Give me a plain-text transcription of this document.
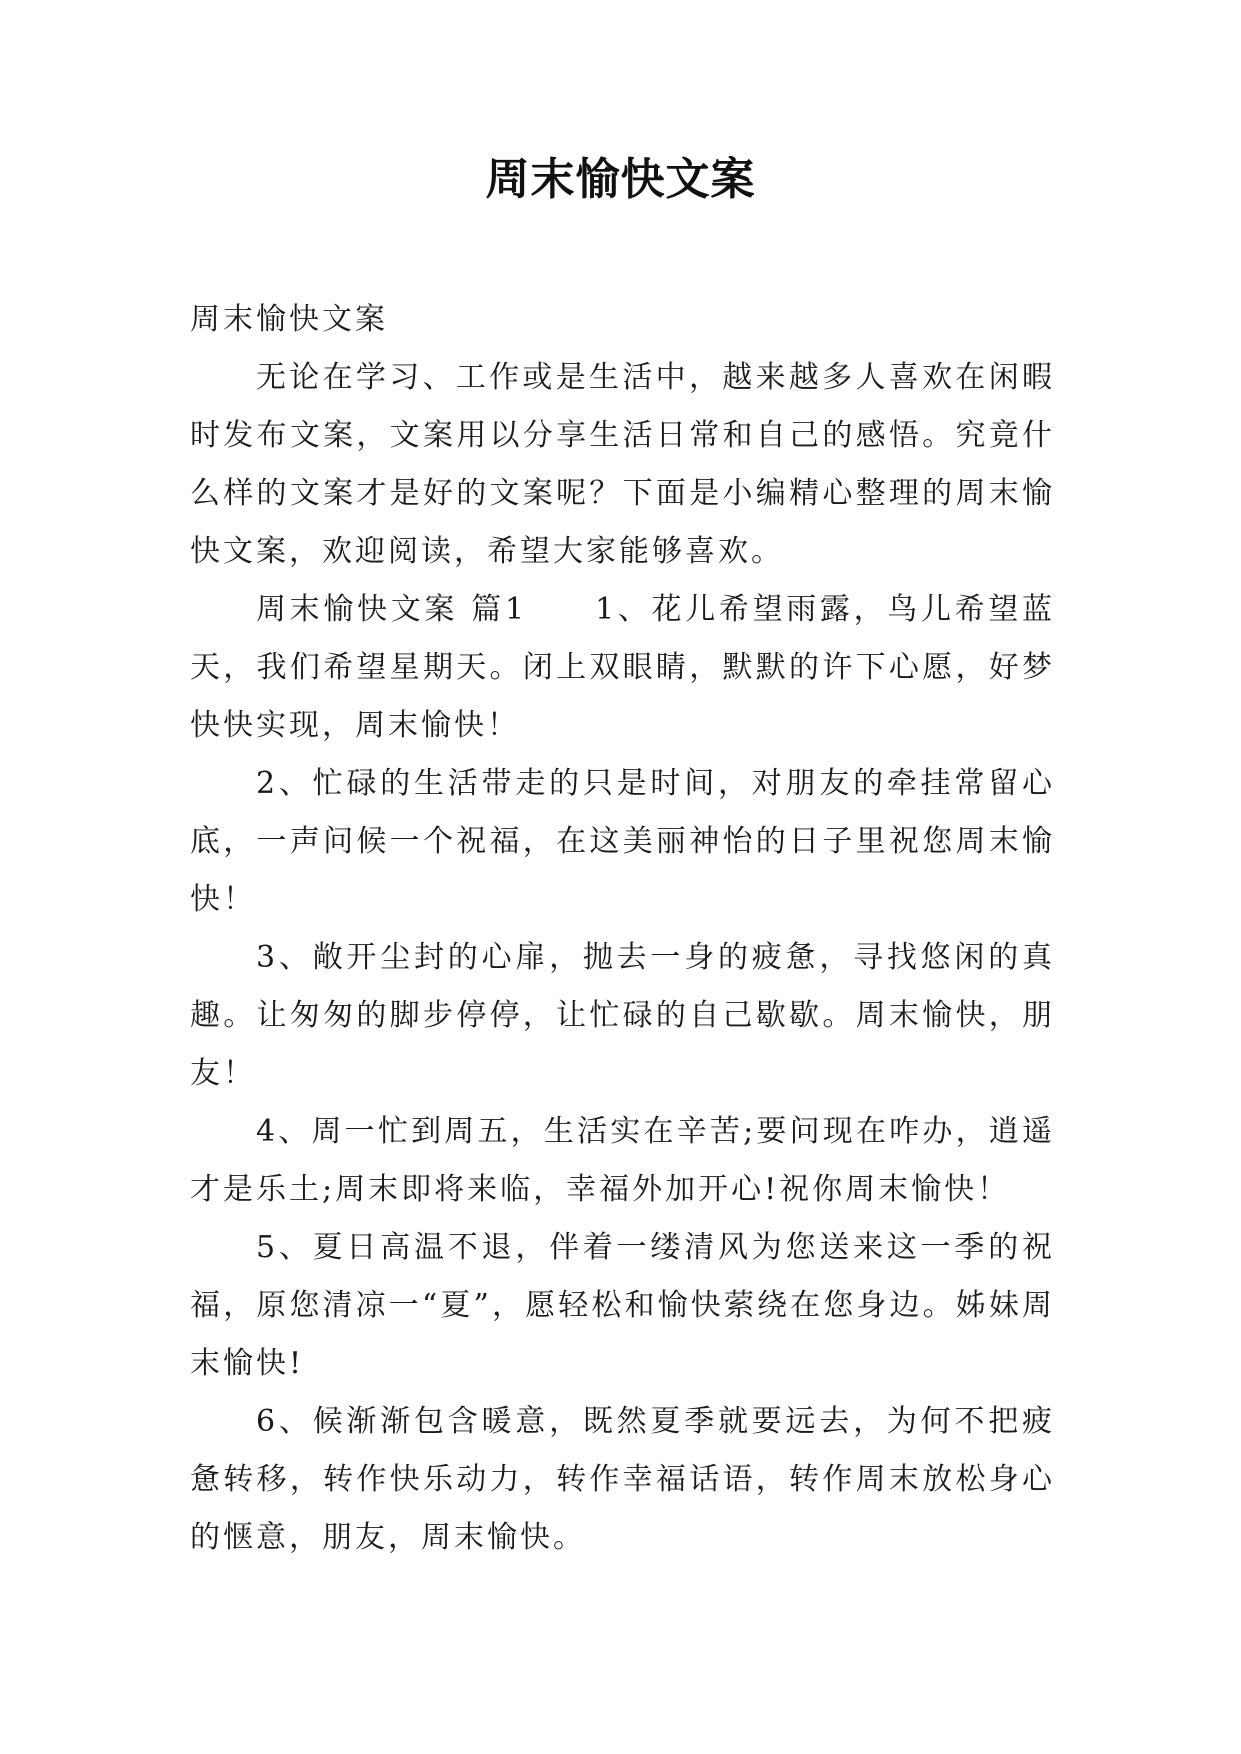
周末愉快文案

周末愉快文案

无论在学习、工作或是生活中，越来越多人喜欢在闲暇时发布文案，文案用以分享生活日常和自己的感悟。究竟什么样的文案才是好的文案呢？下面是小编精心整理的周末愉快文案，欢迎阅读，希望大家能够喜欢。

周末愉快文案 篇1　　1、花儿希望雨露，鸟儿希望蓝天，我们希望星期天。闭上双眼睛，默默的许下心愿，好梦快快实现，周末愉快！

2、忙碌的生活带走的只是时间，对朋友的牵挂常留心底，一声问候一个祝福，在这美丽神怡的日子里祝您周末愉快！

3、敞开尘封的心扉，抛去一身的疲惫，寻找悠闲的真趣。让匆匆的脚步停停，让忙碌的自己歇歇。周末愉快，朋友！

4、周一忙到周五，生活实在辛苦;要问现在咋办，逍遥才是乐土;周末即将来临，幸福外加开心!祝你周末愉快！

5、夏日高温不退，伴着一缕清风为您送来这一季的祝福，原您清凉一“夏”，愿轻松和愉快萦绕在您身边。姊妹周末愉快!

6、候渐渐包含暖意，既然夏季就要远去，为何不把疲惫转移，转作快乐动力，转作幸福话语，转作周末放松身心的惬意，朋友，周末愉快。
